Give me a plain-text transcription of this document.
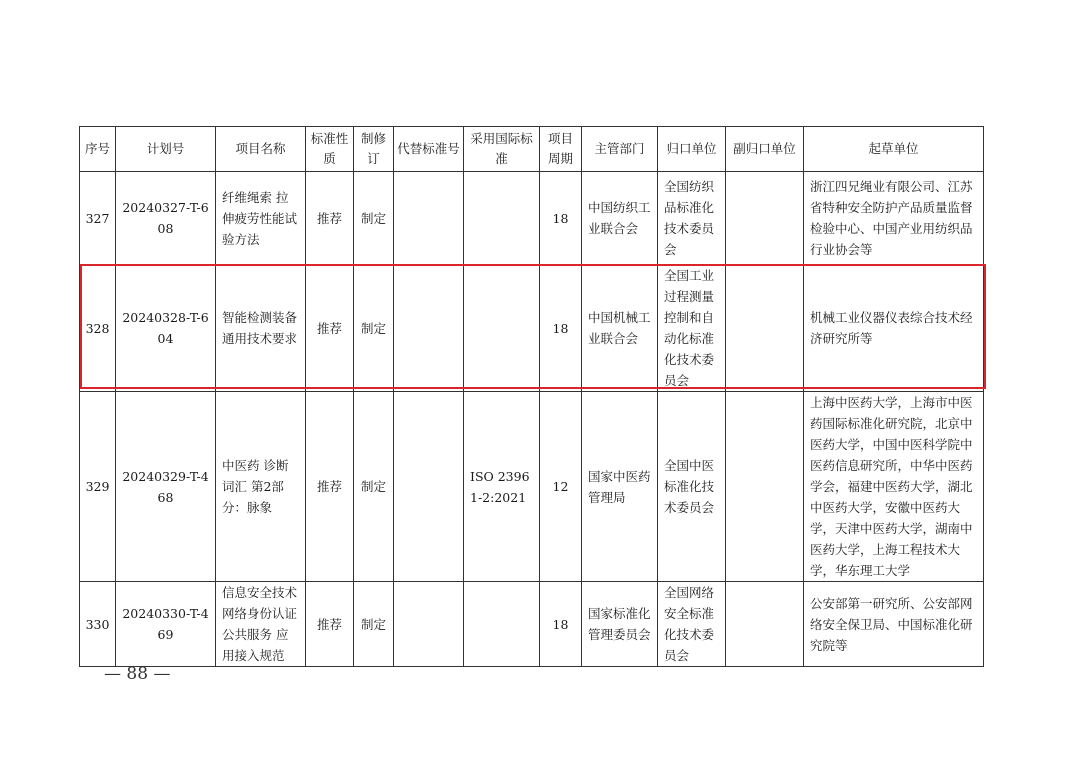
序号	计划号	项目名称	标准性质	制修订	代替标准号	采用国际标准	项目周期	主管部门	归口单位	副归口单位	起草单位
327	20240327-T-608	纤维绳索 拉伸疲劳性能试验方法	推荐	制定			18	中国纺织工业联合会	全国纺织品标准化技术委员会		浙江四兄绳业有限公司、江苏省特种安全防护产品质量监督检验中心、中国产业用纺织品行业协会等
328	20240328-T-604	智能检测装备通用技术要求	推荐	制定			18	中国机械工业联合会	全国工业过程测量控制和自动化标准化技术委员会		机械工业仪器仪表综合技术经济研究所等
329	20240329-T-468	中医药 诊断词汇 第2部分：脉象	推荐	制定		ISO 23961-2:2021	12	国家中医药管理局	全国中医标准化技术委员会		上海中医药大学，上海市中医药国际标准化研究院，北京中医药大学，中国中医科学院中医药信息研究所，中华中医药学会，福建中医药大学，湖北中医药大学，安徽中医药大学，天津中医药大学，湖南中医药大学，上海工程技术大学，华东理工大学
330	20240330-T-469	信息安全技术 网络身份认证公共服务 应用接入规范	推荐	制定			18	国家标准化管理委员会	全国网络安全标准化技术委员会		公安部第一研究所、公安部网络安全保卫局、中国标准化研究院等
— 88 —
